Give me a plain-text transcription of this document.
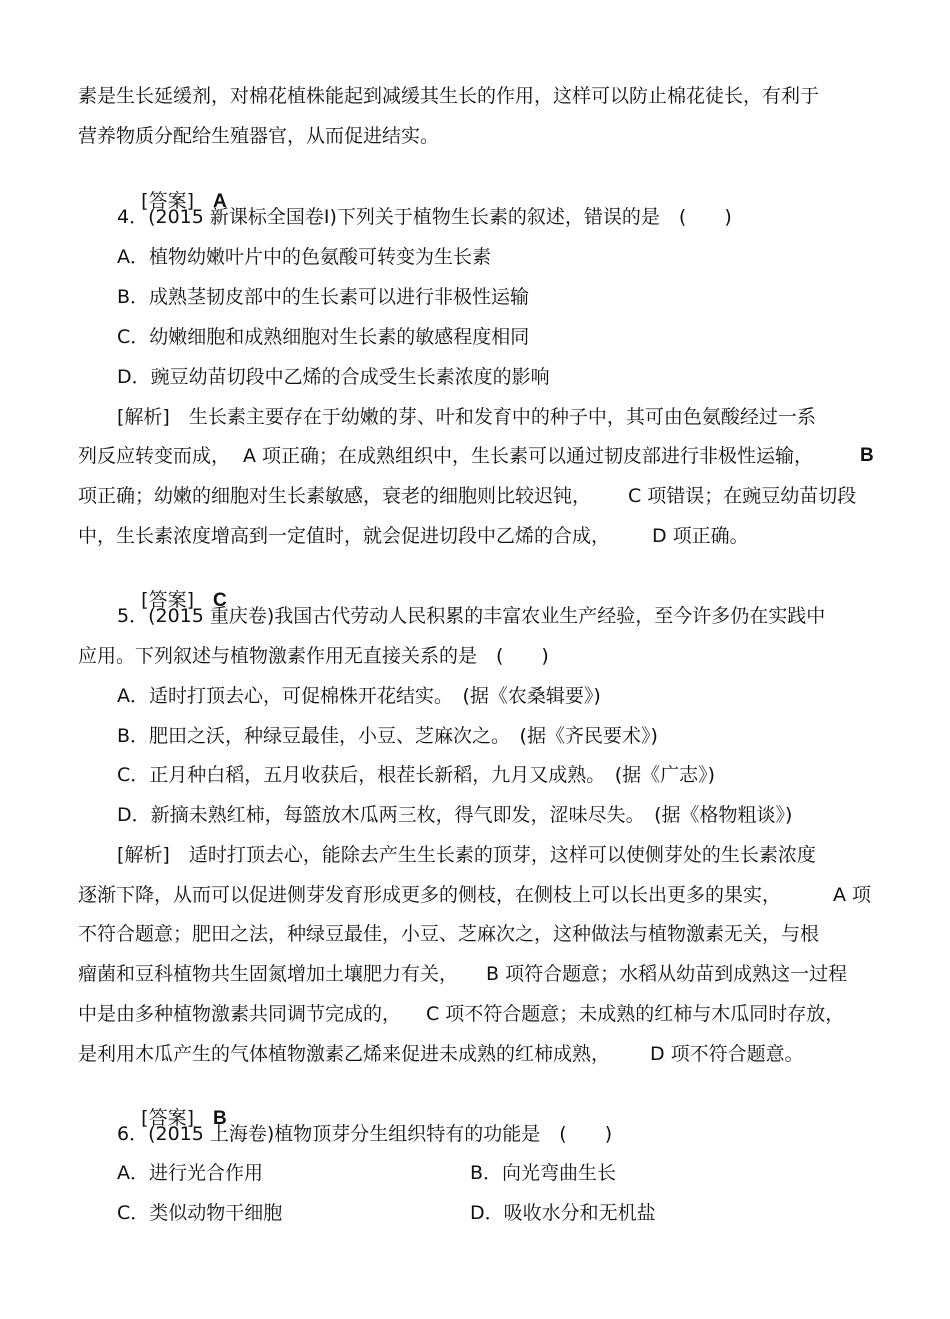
素是生长延缓剂，对棉花植株能起到减缓其生长的作用，这样可以防止棉花徒长，有利于
营养物质分配给生殖器官，从而促进结实。

[答案]　 A

4．(2015 新课标全国卷Ⅰ)下列关于植物生长素的叙述，错误的是　(　　)
A．植物幼嫩叶片中的色氨酸可转变为生长素
B．成熟茎韧皮部中的生长素可以进行非极性运输
C．幼嫩细胞和成熟细胞对生长素的敏感程度相同
D．豌豆幼苗切段中乙烯的合成受生长素浓度的影响
[解析]　生长素主要存在于幼嫩的芽、叶和发育中的种子中，其可由色氨酸经过一系
列反应转变而成， A 项正确；在成熟组织中，生长素可以通过韧皮部进行非极性运输， B
项正确；幼嫩的细胞对生长素敏感，衰老的细胞则比较迟钝， C 项错误；在豌豆幼苗切段
中，生长素浓度增高到一定值时，就会促进切段中乙烯的合成， D 项正确。

[答案]　 C

5．(2015 重庆卷)我国古代劳动人民积累的丰富农业生产经验，至今许多仍在实践中
应用。下列叙述与植物激素作用无直接关系的是　(　　)
A．适时打顶去心，可促棉株开花结实。　(据《农桑辑要》)
B．肥田之沃，种绿豆最佳，小豆、芝麻次之。　(据《齐民要术》)
C．正月种白稻，五月收获后，根茬长新稻，九月又成熟。　(据《广志》)
D．新摘未熟红柿，每篮放木瓜两三枚，得气即发，涩味尽失。　(据《格物粗谈》)
[解析]　适时打顶去心，能除去产生生长素的顶芽，这样可以使侧芽处的生长素浓度
逐渐下降，从而可以促进侧芽发育形成更多的侧枝，在侧枝上可以长出更多的果实，	A 项
不符合题意；肥田之法，种绿豆最佳，小豆、芝麻次之，这种做法与植物激素无关，与根
瘤菌和豆科植物共生固氮增加土壤肥力有关， B 项符合题意；水稻从幼苗到成熟这一过程
中是由多种植物激素共同调节完成的， C 项不符合题意；未成熟的红柿与木瓜同时存放，
是利用木瓜产生的气体植物激素乙烯来促进未成熟的红柿成熟， D 项不符合题意。

[答案]　 B

6．(2015 上海卷)植物顶芽分生组织特有的功能是　(　　)
A．进行光合作用	B．向光弯曲生长
C．类似动物干细胞	D．吸收水分和无机盐
